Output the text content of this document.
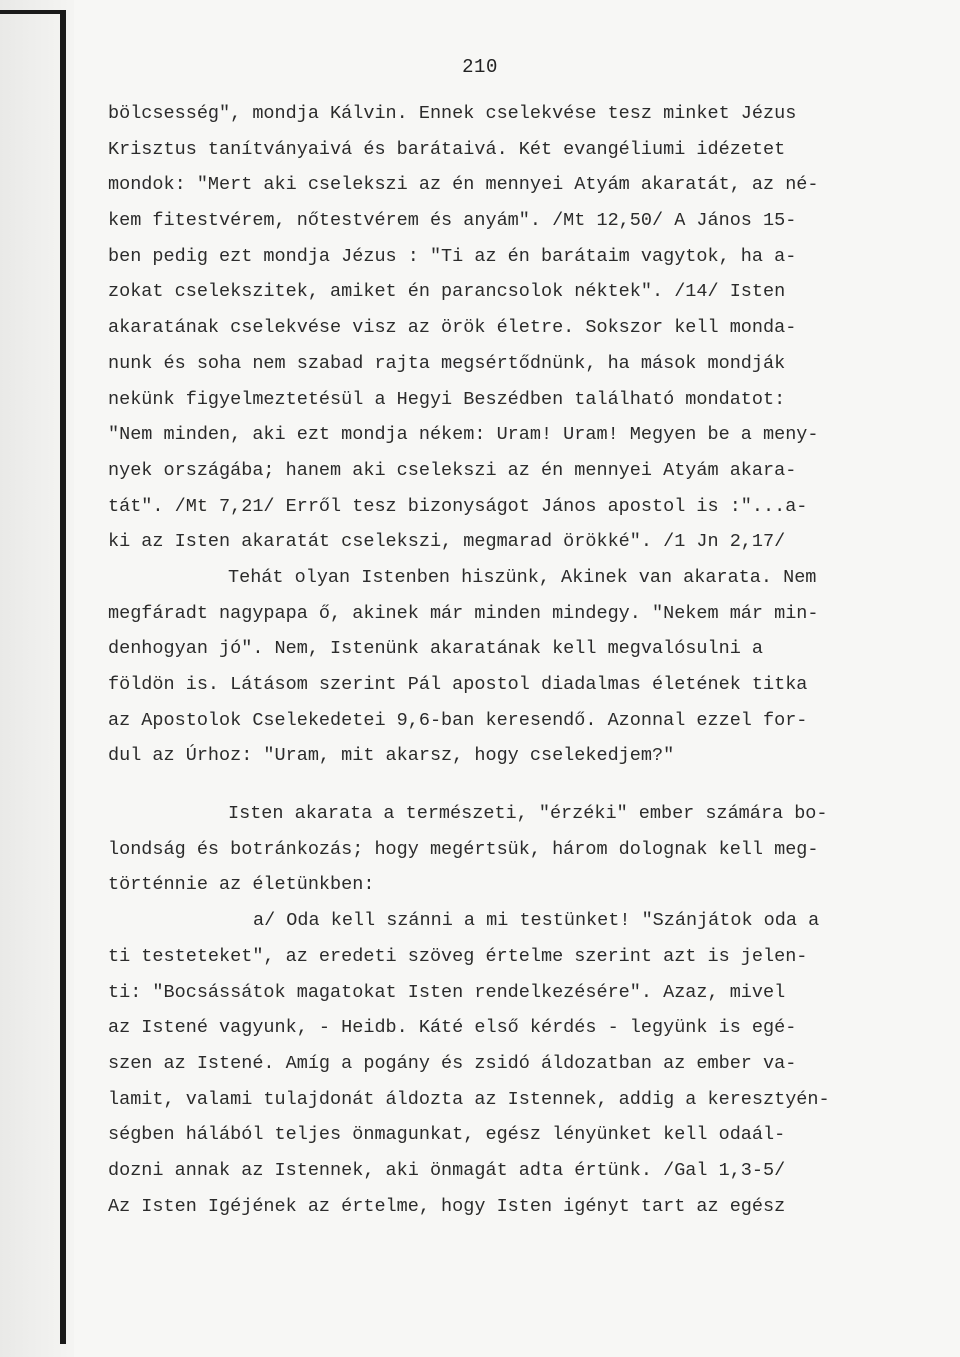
210
bölcsesség", mondja Kálvin. Ennek cselekvése tesz minket Jézus
Krisztus tanítványaivá és barátaivá. Két evangéliumi idézetet
mondok: "Mert aki cselekszi az én mennyei Atyám akaratát, az né-
kem fitestvérem, nőtestvérem és anyám". /Mt 12,50/ A János 15-
ben pedig ezt mondja Jézus : "Ti az én barátaim vagytok, ha a-
zokat cselekszitek, amiket én parancsolok néktek". /14/ Isten
akaratának cselekvése visz az örök életre. Sokszor kell monda-
nunk és soha nem szabad rajta megsértődnünk, ha mások mondják
nekünk figyelmeztetésül a Hegyi Beszédben található mondatot:
"Nem minden, aki ezt mondja nékem: Uram! Uram! Megyen be a meny-
nyek országába; hanem aki cselekszi az én mennyei Atyám akara-
tát". /Mt 7,21/ Erről tesz bizonyságot János apostol is :"...a-
ki az Isten akaratát cselekszi, megmarad örökké". /1 Jn 2,17/
Tehát olyan Istenben hiszünk, Akinek van akarata. Nem
megfáradt nagypapa ő, akinek már minden mindegy. "Nekem már min-
denhogyan jó". Nem, Istenünk akaratának kell megvalósulni a
földön is. Látásom szerint Pál apostol diadalmas életének titka
az Apostolok Cselekedetei 9,6-ban keresendő. Azonnal ezzel for-
dul az Úrhoz: "Uram, mit akarsz, hogy cselekedjem?"
Isten akarata a természeti, "érzéki" ember számára bo-
londság és botránkozás; hogy megértsük, három dolognak kell meg-
történnie az életünkben:
a/ Oda kell szánni a mi testünket! "Szánjátok oda a
ti testeteket", az eredeti szöveg értelme szerint azt is jelen-
ti: "Bocsássátok magatokat Isten rendelkezésére". Azaz, mivel
az Istené vagyunk, - Heidb. Káté első kérdés - legyünk is egé-
szen az Istené. Amíg a pogány és zsidó áldozatban az ember va-
lamit, valami tulajdonát áldozta az Istennek, addig a keresztyén-
ségben hálából teljes önmagunkat, egész lényünket kell odaál-
dozni annak az Istennek, aki önmagát adta értünk. /Gal 1,3-5/
Az Isten Igéjének az értelme, hogy Isten igényt tart az egész
